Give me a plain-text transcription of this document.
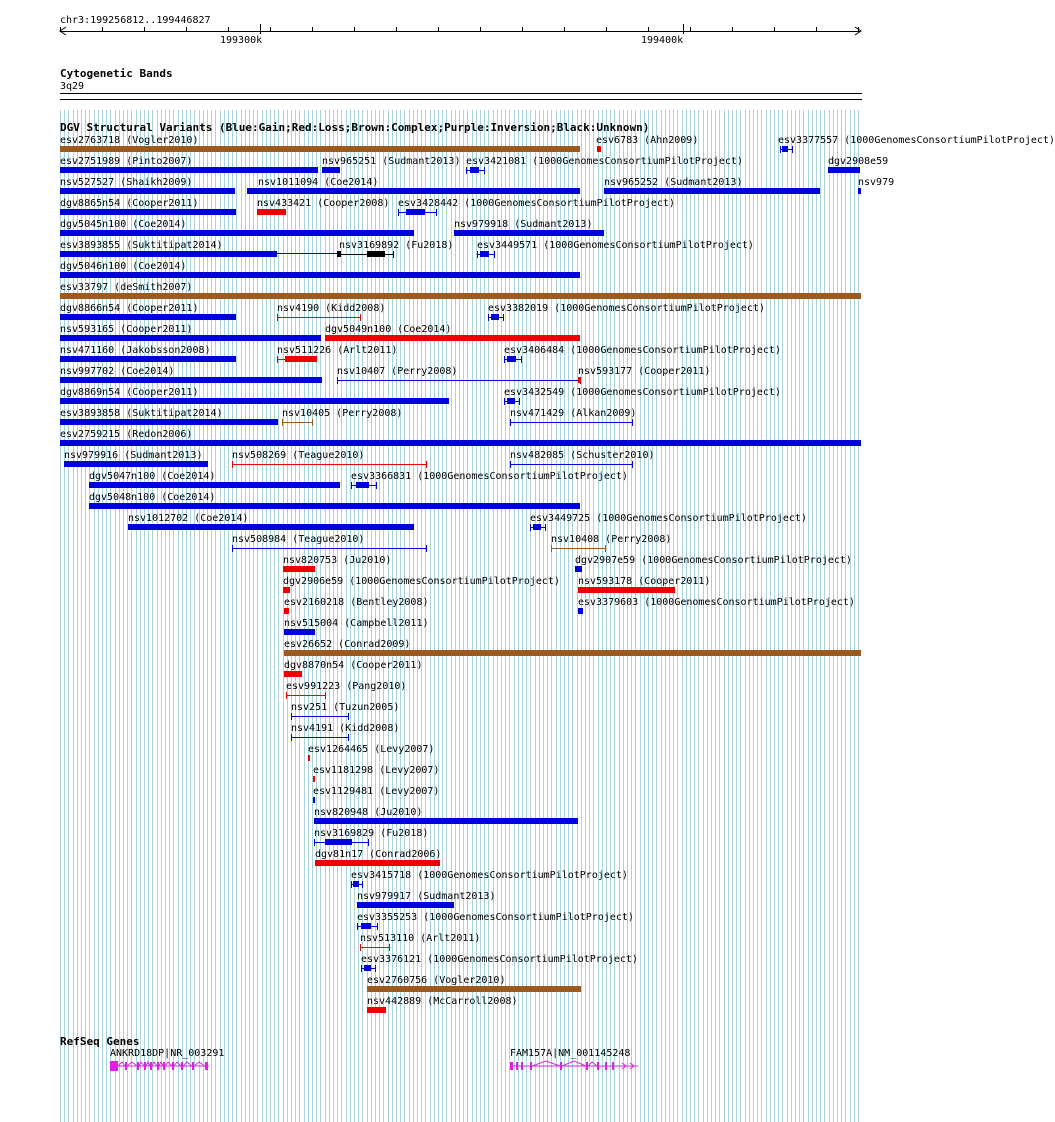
chr3:199256812..199446827
199300k	199400k
Cytogenetic Bands
3q29
DGV Structural Variants (Blue:Gain;Red:Loss;Brown:Complex;Purple:Inversion;Black:Unknown)
esv2763718 (Vogler2010)	esv6783 (Ahn2009)	esv3377557 (1000GenomesConsortiumPilotProject)
esv2751989 (Pinto2007)	nsv965251 (Sudmant2013) esv3421081 (1000GenomesConsortiumPilotProject)	dgv2908e59
nsv527527 (Shaikh2009)	nsv1011094 (Coe2014)	nsv965252 (Sudmant2013)	nsv979
dgv8865n54 (Cooper2011)	nsv433421 (Cooper2008) esv3428442 (1000GenomesConsortiumPilotProject)
dgv5045n100 (Coe2014)	nsv979918 (Sudmant2013)
esv3893855 (Suktitipat2014)	nsv3169892 (Fu2018) esv3449571 (1000GenomesConsortiumPilotProject)
dgv5046n100 (Coe2014)
esv33797 (deSmith2007)
dgv8866n54 (Cooper2011)	nsv4190 (Kidd2008)	esv3382019 (1000GenomesConsortiumPilotProject)
nsv593165 (Cooper2011)	dgv5049n100 (Coe2014)
nsv471160 (Jakobsson2008)	nsv511226 (Arlt2011)	esv3406484 (1000GenomesConsortiumPilotProject)
nsv997702 (Coe2014)	nsv10407 (Perry2008)	nsv593177 (Cooper2011)
dgv8869n54 (Cooper2011)	esv3432549 (1000GenomesConsortiumPilotProject)
esv3893858 (Suktitipat2014)	nsv10405 (Perry2008)	nsv471429 (Alkan2009)
esv2759215 (Redon2006)
nsv979916 (Sudmant2013)	nsv508269 (Teague2010)	nsv482085 (Schuster2010)
dgv5047n100 (Coe2014)	esv3366831 (1000GenomesConsortiumPilotProject)
dgv5048n100 (Coe2014)
nsv1012702 (Coe2014)	esv3449725 (1000GenomesConsortiumPilotProject)
nsv508984 (Teague2010)	nsv10408 (Perry2008)
nsv820753 (Ju2010)	dgv2907e59 (1000GenomesConsortiumPilotProject)
dgv2906e59 (1000GenomesConsortiumPilotProject) nsv593178 (Cooper2011)
esv2160218 (Bentley2008)	esv3379603 (1000GenomesConsortiumPilotProject)
nsv515004 (Campbell2011)
esv26652 (Conrad2009)
dgv8870n54 (Cooper2011)
esv991223 (Pang2010)
nsv251 (Tuzun2005)
nsv4191 (Kidd2008)
esv1264465 (Levy2007)
esv1181298 (Levy2007)
esv1129481 (Levy2007)
nsv820948 (Ju2010)
nsv3169829 (Fu2018)
dgv81n17 (Conrad2006)
esv3415718 (1000GenomesConsortiumPilotProject)
nsv979917 (Sudmant2013)
esv3355253 (1000GenomesConsortiumPilotProject)
nsv513110 (Arlt2011)
esv3376121 (1000GenomesConsortiumPilotProject)
esv2760756 (Vogler2010)
nsv442889 (McCarroll2008)
RefSeq Genes
ANKRD18DP|NR_003291	FAM157A|NM_001145248
